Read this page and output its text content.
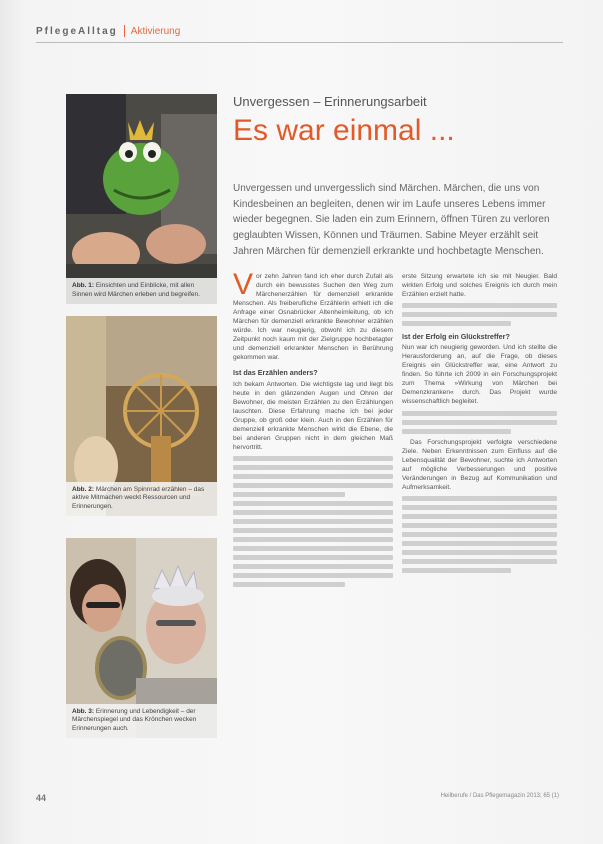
PflegeAlltag Aktivierung
Abb. 1: Einsichten und Einblicke, mit allen Sinnen wird Märchen erleben und begreifen.
Abb. 2: Märchen am Spinnrad erzählen – das aktive Mitmachen weckt Ressourcen und Erinnerungen.
Abb. 3: Erinnerung und Lebendigkeit – der Märchenspiegel und das Krönchen wecken Erinnerungen auch.
Unvergessen – Erinnerungsarbeit
Es war einmal ...
Unvergessen und unvergesslich sind Märchen. Märchen, die uns von Kindesbeinen an begleiten, denen wir im Laufe unseres Lebens immer wieder begegnen. Sie laden ein zum Erinnern, öffnen Türen zu verloren geglaubten Wissen, Können und Träumen. Sabine Meyer erzählt seit Jahren Märchen für demenziell erkrankte und hochbetagte Menschen.
V or zehn Jahren fand ich eher durch Zufall als durch ein bewusstes Suchen den Weg zum Märchenerzählen für demenziell erkrankte Menschen. Als freiberufliche Erzählerin erhielt ich die Anfrage einer Osnabrücker Altenheimleitung, ob ich Märchen für demenziell erkrankte Bewohner erzählen würde. Ich war neugierig, obwohl ich zu diesem Zeitpunkt noch kaum mit der Zielgruppe hochbetagter und demenziell erkrankter Menschen in Berührung gekommen war.

Ist das Erzählen anders?

Ich bekam Antworten. Die wichtigste lag und liegt bis heute in den glänzenden Augen und Ohren der Bewohner, die meisten Erzählen zu den Erzählungen lauschten. Diese Erfahrung mache ich bei jeder Gruppe, ob groß oder klein. Auch in den Erzählen für demenziell erkrankte Menschen wirkt die Ebene, die bei anderen Gruppen nicht in dem gleichen Maß hervortritt.

erste Sitzung erwartete ich sie mit Neugier. Bald wirkten Erfolg und solches Ereignis ich durch mein Erzählen erzielt hatte.

Ist der Erfolg ein Glückstreffer?

Nun war ich neugierig geworden. Und ich stellte die Herausforderung an, auf die Frage, ob dieses Ereignis ein Glückstreffer war, eine Antwort zu finden. So führte ich 2009 in ein Forschungsprojekt zum Thema »Wirkung von Märchen bei Demenzkranken« durch. Das Projekt wurde wissenschaftlich begleitet.

Das Forschungsprojekt verfolgte verschiedene Ziele. Neben Erkenntnissen zum Einfluss auf die Lebensqualität der Bewohner, suchte ich Antworten auf mögliche Verbesserungen und positive Veränderungen in Bezug auf Kommunikation und Aufmerksamkeit.

44	Heilberufe / Das Pflegemagazin 2013; 65 (1)
